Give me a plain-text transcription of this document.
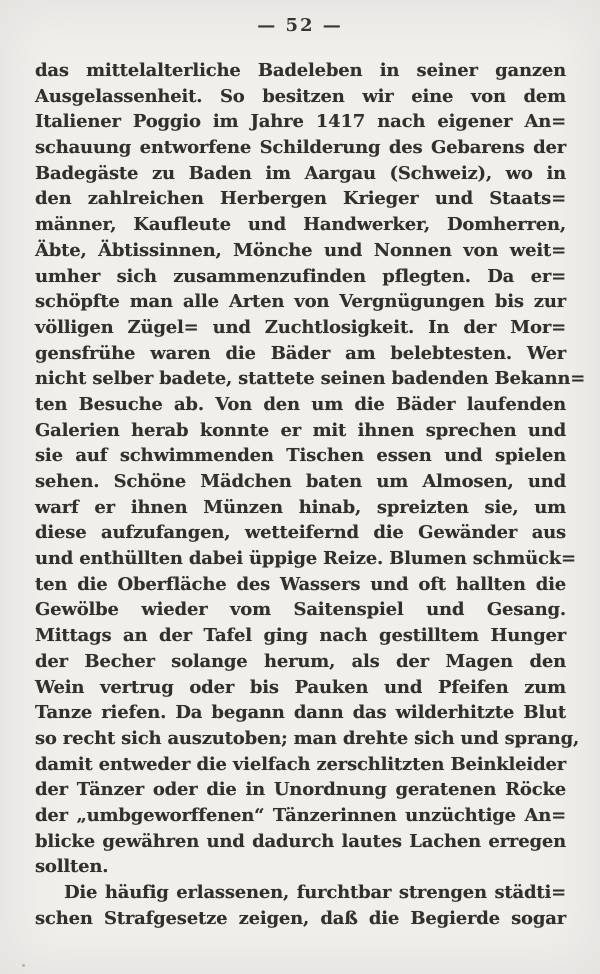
— 52 —
das mittelalterliche Badeleben in seiner ganzen
Ausgelassenheit. So besitzen wir eine von dem
Italiener Poggio im Jahre 1417 nach eigener An=
schauung entworfene Schilderung des Gebarens der
Badegäste zu Baden im Aargau (Schweiz), wo in
den zahlreichen Herbergen Krieger und Staats=
männer, Kaufleute und Handwerker, Domherren,
Äbte, Äbtissinnen, Mönche und Nonnen von weit=
umher sich zusammenzufinden pflegten. Da er=
schöpfte man alle Arten von Vergnügungen bis zur
völligen Zügel= und Zuchtlosigkeit. In der Mor=
gensfrühe waren die Bäder am belebtesten. Wer
nicht selber badete, stattete seinen badenden Bekann=
ten Besuche ab. Von den um die Bäder laufenden
Galerien herab konnte er mit ihnen sprechen und
sie auf schwimmenden Tischen essen und spielen
sehen. Schöne Mädchen baten um Almosen, und
warf er ihnen Münzen hinab, spreizten sie, um
diese aufzufangen, wetteifernd die Gewänder aus
und enthüllten dabei üppige Reize. Blumen schmück=
ten die Oberfläche des Wassers und oft hallten die
Gewölbe wieder vom Saitenspiel und Gesang.
Mittags an der Tafel ging nach gestilltem Hunger
der Becher solange herum, als der Magen den
Wein vertrug oder bis Pauken und Pfeifen zum
Tanze riefen. Da begann dann das wilderhitzte Blut
so recht sich auszutoben; man drehte sich und sprang,
damit entweder die vielfach zerschlitzten Beinkleider
der Tänzer oder die in Unordnung geratenen Röcke
der „umbgeworffenen“ Tänzerinnen unzüchtige An=
blicke gewähren und dadurch lautes Lachen erregen
sollten.
Die häufig erlassenen, furchtbar strengen städti=
schen Strafgesetze zeigen, daß die Begierde sogar
